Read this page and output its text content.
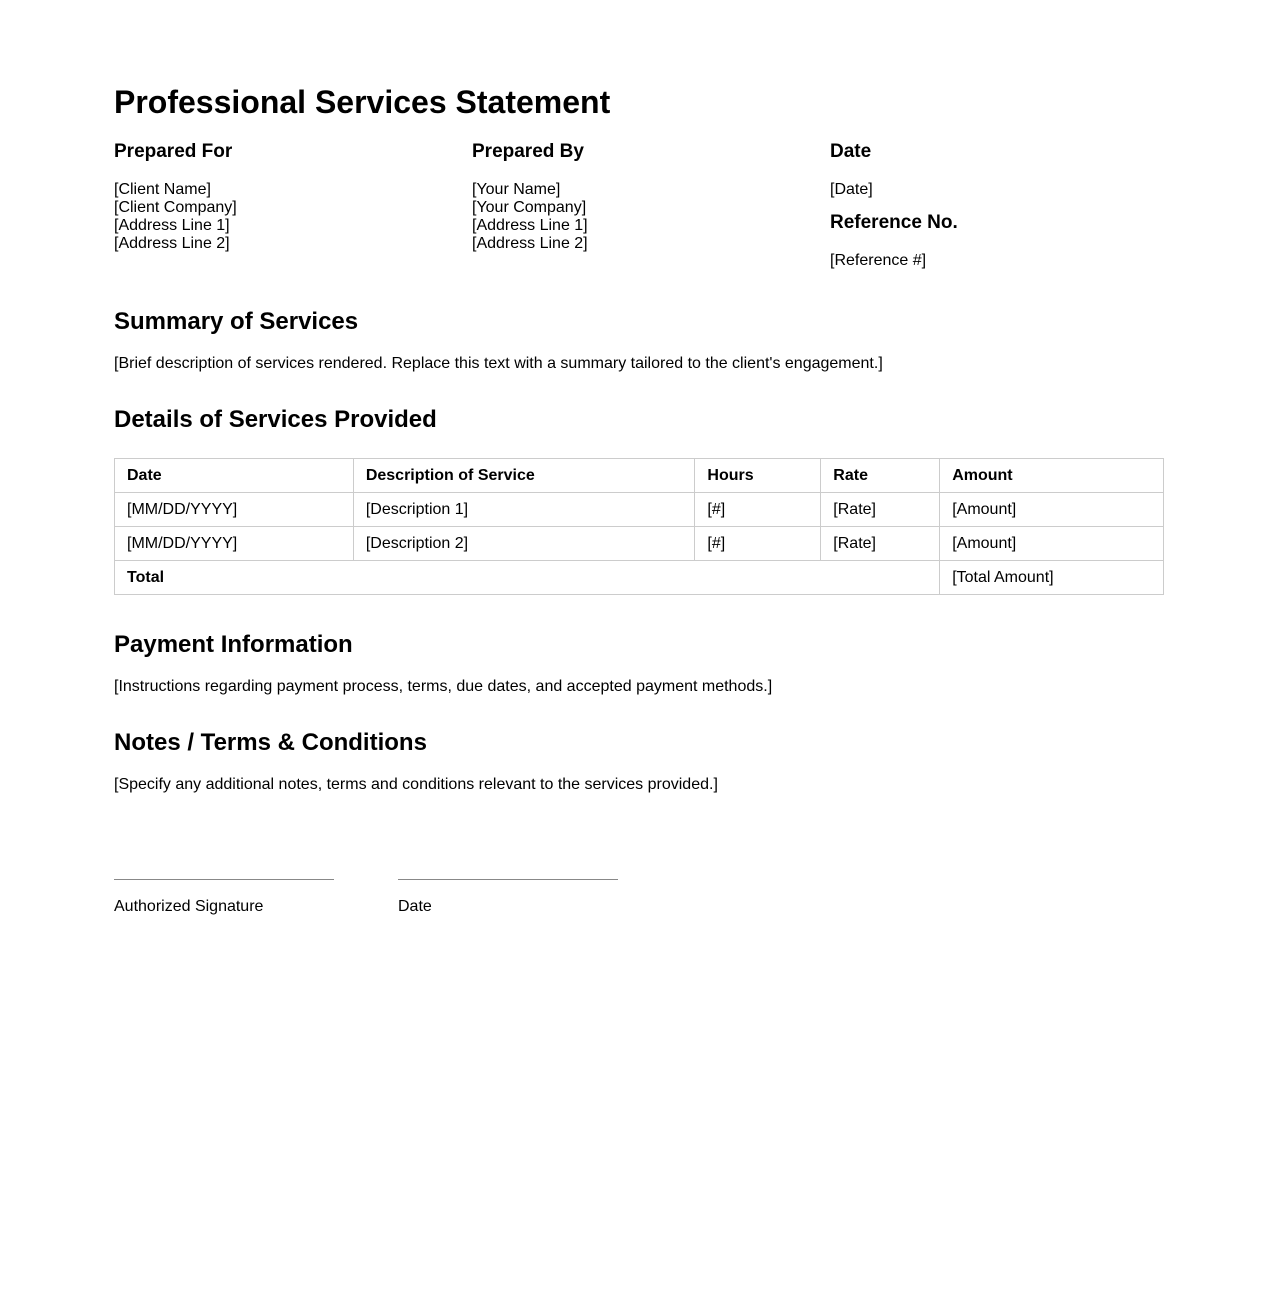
Professional Services Statement
Prepared For
[Client Name]
[Client Company]
[Address Line 1]
[Address Line 2]
Prepared By
[Your Name]
[Your Company]
[Address Line 1]
[Address Line 2]
Date
[Date]
Reference No.
[Reference #]
Summary of Services

[Brief description of services rendered. Replace this text with a summary tailored to the client's engagement.]

Details of Services Provided
Date	Description of Service	Hours	Rate	Amount
[MM/DD/YYYY]	[Description 1]	[#]	[Rate]	[Amount]
[MM/DD/YYYY]	[Description 2]	[#]	[Rate]	[Amount]
Total				[Total Amount]
Payment Information

[Instructions regarding payment process, terms, due dates, and accepted payment methods.]

Notes / Terms & Conditions

[Specify any additional notes, terms and conditions relevant to the services provided.]

Authorized Signature	Date
